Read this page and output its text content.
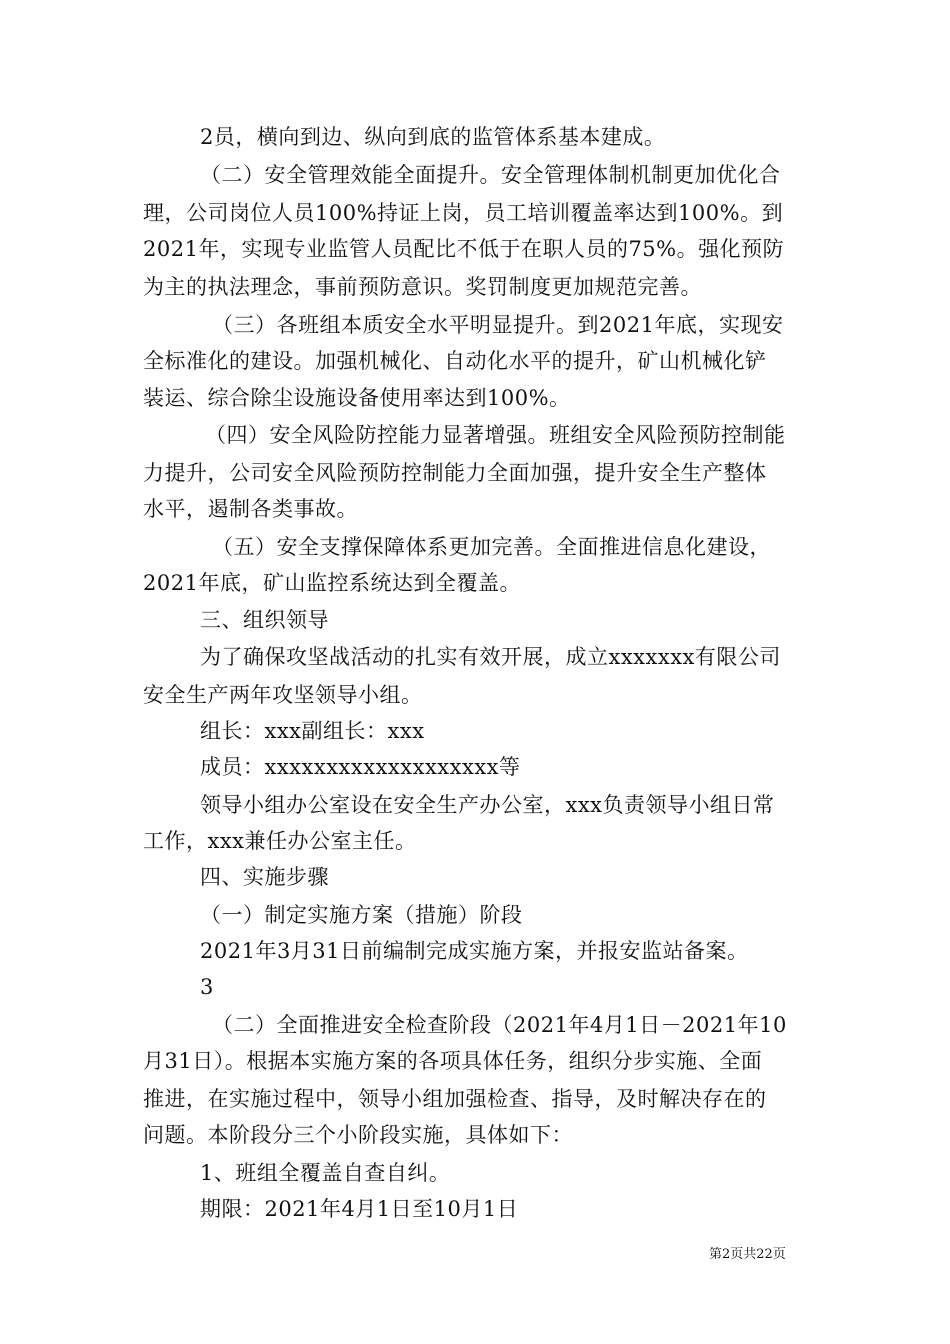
2员，横向到边、纵向到底的监管体系基本建成。
（二）安全管理效能全面提升。安全管理体制机制更加优化合
理，公司岗位人员100%持证上岗，员工培训覆盖率达到100%。到
2021年，实现专业监管人员配比不低于在职人员的75%。强化预防
为主的执法理念，事前预防意识。奖罚制度更加规范完善。
（三）各班组本质安全水平明显提升。到2021年底，实现安
全标准化的建设。加强机械化、自动化水平的提升，矿山机械化铲
装运、综合除尘设施设备使用率达到100%。
（四）安全风险防控能力显著增强。班组安全风险预防控制能
力提升，公司安全风险预防控制能力全面加强，提升安全生产整体
水平，遏制各类事故。
（五）安全支撑保障体系更加完善。全面推进信息化建设，
2021年底，矿山监控系统达到全覆盖。
三、组织领导
为了确保攻坚战活动的扎实有效开展，成立xxxxxxx有限公司
安全生产两年攻坚领导小组。
组长：xxx副组长：xxx
成员：xxxxxxxxxxxxxxxxxxx等
领导小组办公室设在安全生产办公室，xxx负责领导小组日常
工作，xxx兼任办公室主任。
四、实施步骤
（一）制定实施方案（措施）阶段
2021年3月31日前编制完成实施方案，并报安监站备案。
3
（二）全面推进安全检查阶段（2021年4月1日－2021年10
月31日）。根据本实施方案的各项具体任务，组织分步实施、全面
推进，在实施过程中，领导小组加强检查、指导，及时解决存在的
问题。本阶段分三个小阶段实施，具体如下：
1、班组全覆盖自查自纠。
期限：2021年4月1日至10月1日
第2页共22页
